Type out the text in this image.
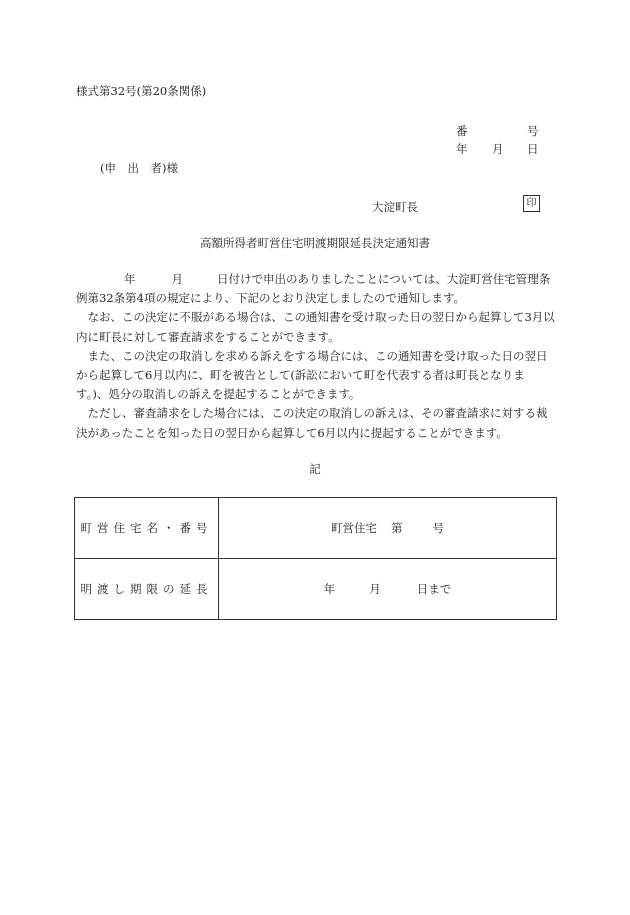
様式第32号(第20条関係)
番	号
年 月 日
(申　出　者)様
大淀町長	印
高額所得者町営住宅明渡期限延長決定通知書

年	月	日付けで申出のありましたことについては、大淀町営住宅管理条
例第32条第4項の規定により、下記のとおり決定しましたので通知します。

　なお、この決定に不服がある場合は、この通知書を受け取った日の翌日から起算して3月以内に町長に対して審査請求をすることができます。

　また、この決定の取消しを求める訴えをする場合には、この通知書を受け取った日の翌日から起算して6月以内に、町を被告として(訴訟において町を代表する者は町長となります。)、処分の取消しの訴えを提起することができます。

　ただし、審査請求をした場合には、この決定の取消しの訴えは、その審査請求に対する裁決があったことを知った日の翌日から起算して6月以内に提起することができます。

記
町営住宅名・番号	町営住宅 第 号
明渡し期限の延長	年 月 日まで
